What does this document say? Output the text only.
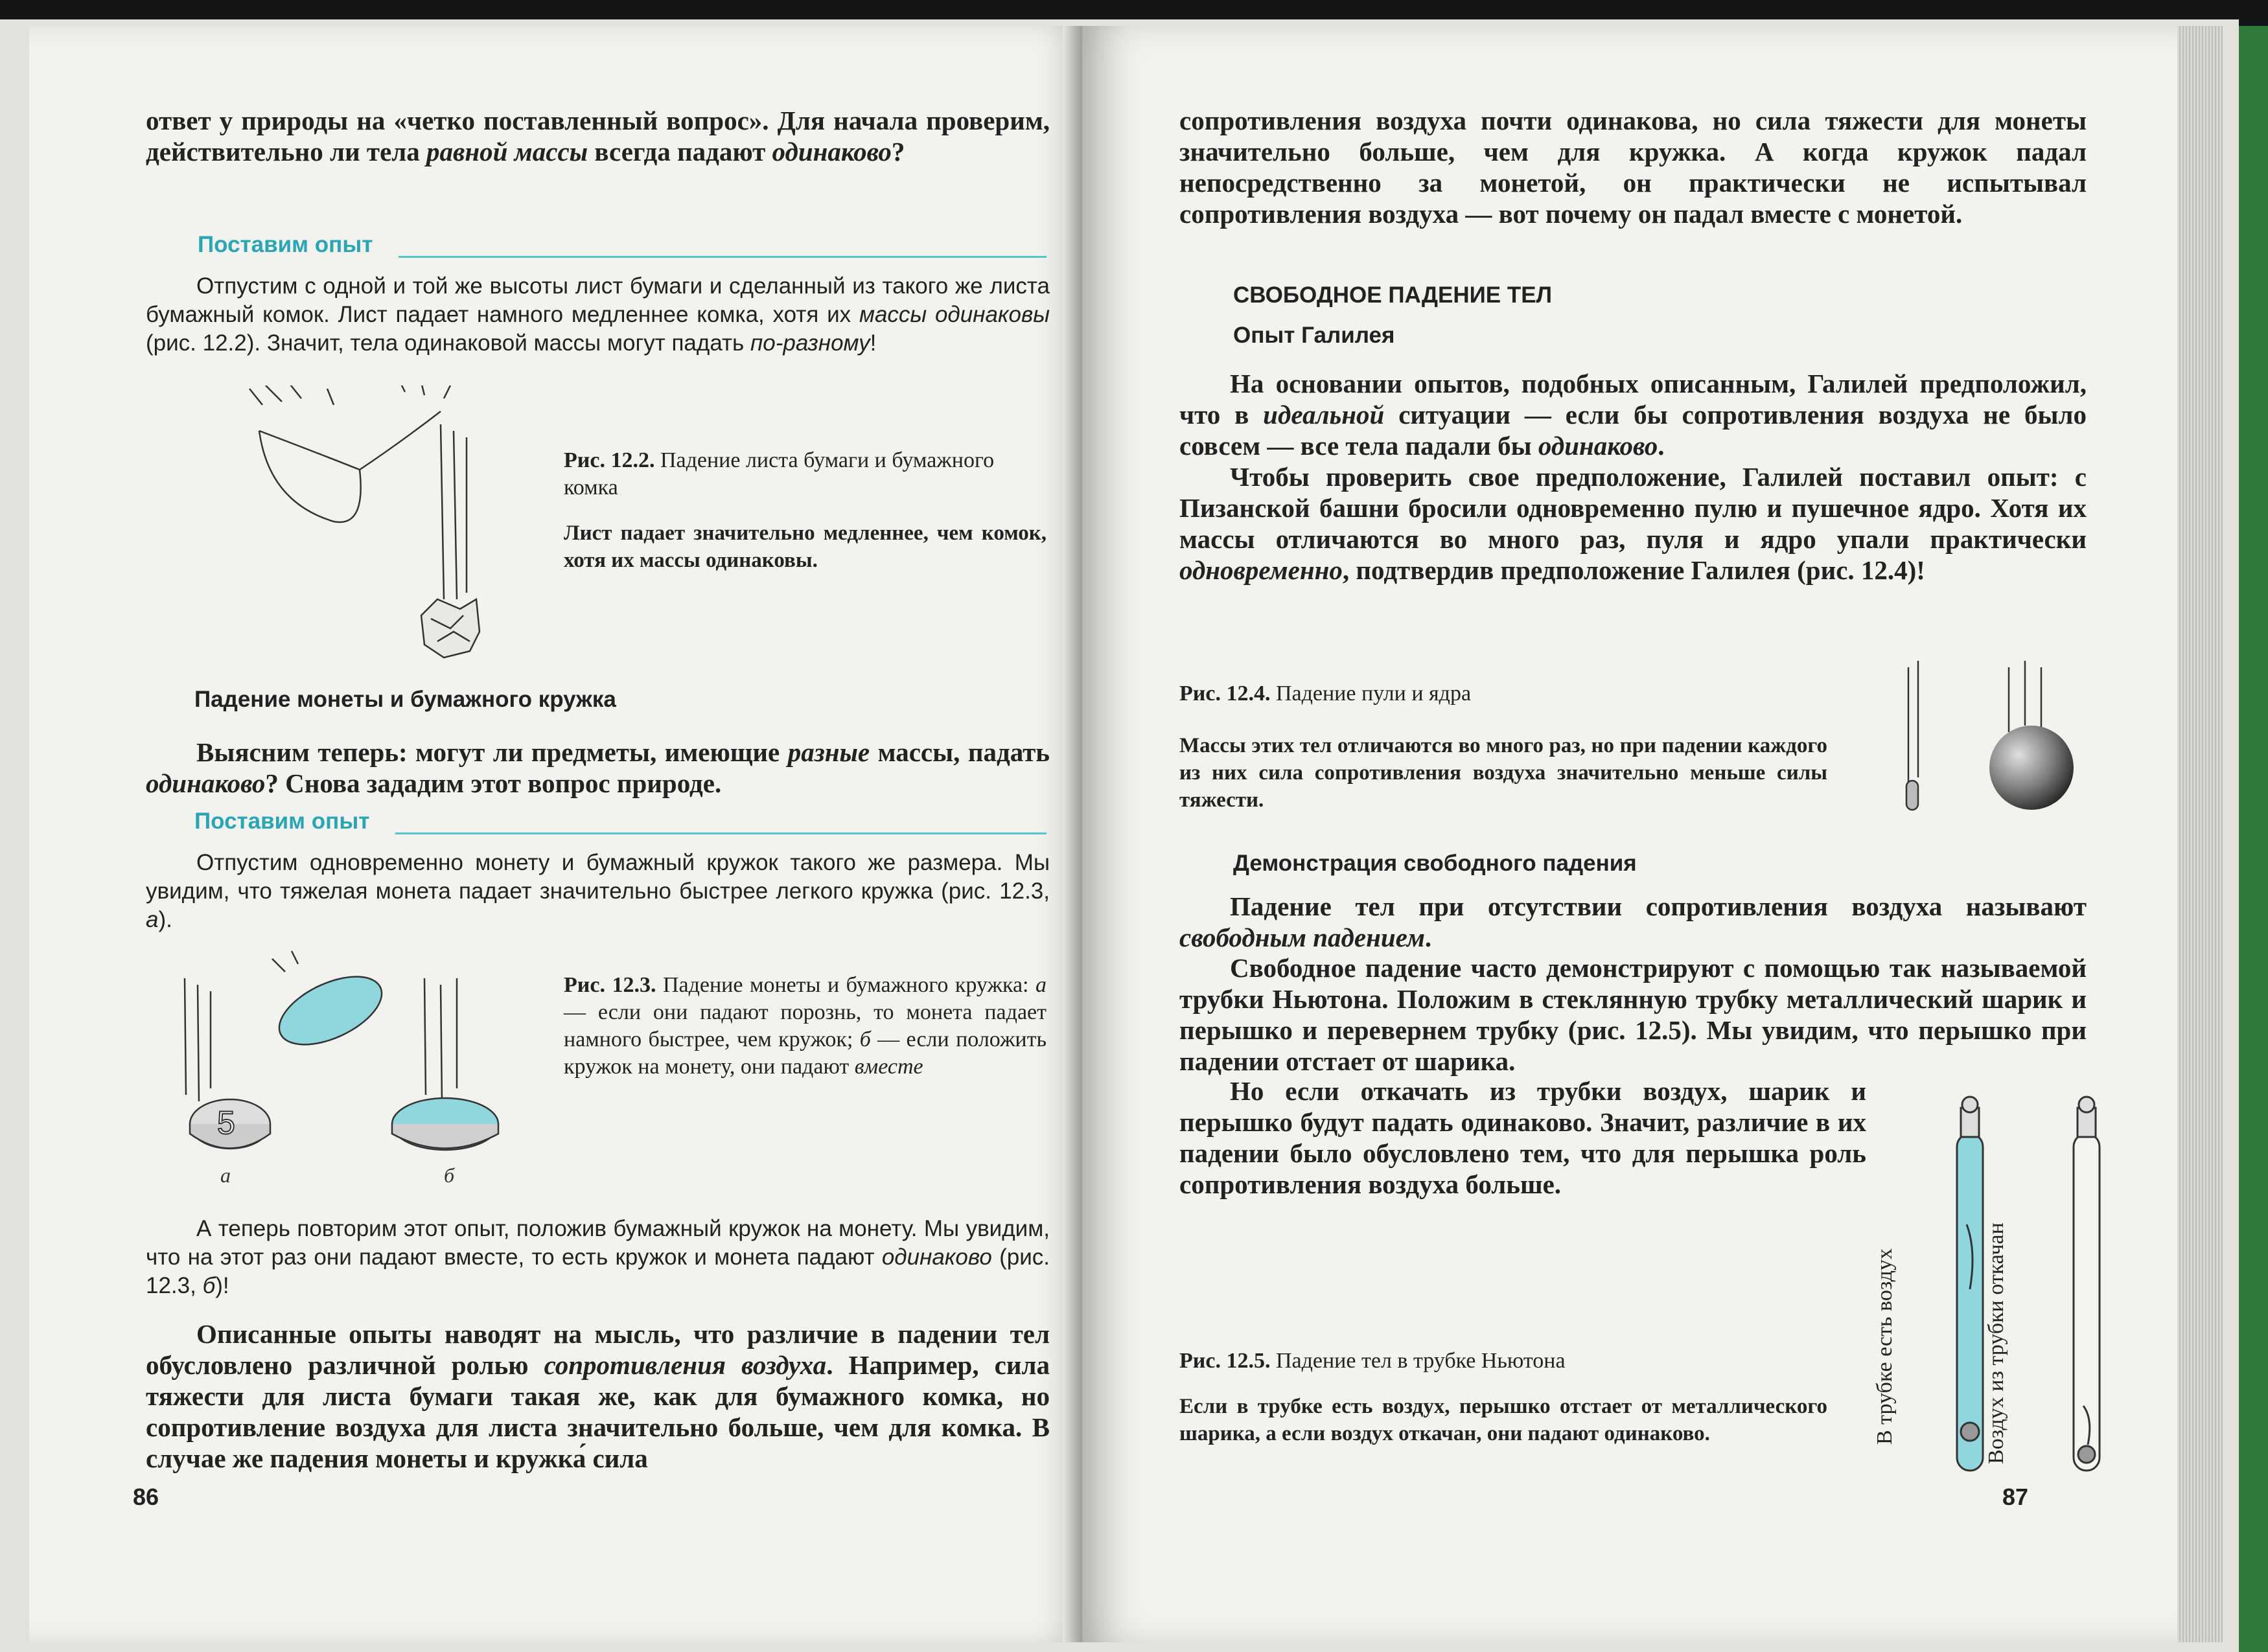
ответ у природы на «четко поставленный вопрос». Для начала проверим, действительно ли тела равной массы всегда падают одинаково?

Поставим опыт

Отпустим с одной и той же высоты лист бумаги и сделанный из такого же листа бумажный комок. Лист падает намного медленнее комка, хотя их массы одинаковы (рис. 12.2). Значит, тела одинаковой массы могут падать по-разному!

Рис. 12.2. Падение листа бумаги и бумажного комка

Лист падает значительно медленнее, чем комок, хотя их массы одинаковы.

Падение монеты и бумажного кружка

Выясним теперь: могут ли предметы, имеющие разные массы, падать одинаково? Снова зададим этот вопрос природе.

Поставим опыт

Отпустим одновременно монету и бумажный кружок такого же размера. Мы увидим, что тяжелая монета падает значительно быстрее легкого кружка (рис. 12.3, а).

5
а	б

Рис. 12.3. Падение монеты и бумажного кружка: а — если они падают порознь, то монета падает намного быстрее, чем кружок; б — если положить кружок на монету, они падают вместе

А теперь повторим этот опыт, положив бумажный кружок на монету. Мы увидим, что на этот раз они падают вместе, то есть кружок и монета падают одинаково (рис. 12.3, б)!

Описанные опыты наводят на мысль, что различие в падении тел обусловлено различной ролью сопротивления воздуха. Например, сила тяжести для листа бумаги такая же, как для бумажного комка, но сопротивление воздуха для листа значительно больше, чем для комка. В случае же падения монеты и кружка́ сила

86

сопротивления воздуха почти одинакова, но сила тяжести для монеты значительно больше, чем для кружка. А когда кружок падал непосредственно за монетой, он практически не испытывал сопротивления воздуха — вот почему он падал вместе с монетой.

СВОБОДНОЕ ПАДЕНИЕ ТЕЛ
Опыт Галилея

На основании опытов, подобных описанным, Галилей предположил, что в идеальной ситуации — если бы сопротивления воздуха не было совсем — все тела падали бы одинаково.

Чтобы проверить свое предположение, Галилей поставил опыт: с Пизанской башни бросили одновременно пулю и пушечное ядро. Хотя их массы отличаются во много раз, пуля и ядро упали практически одновременно, подтвердив предположение Галилея (рис. 12.4)!

Рис. 12.4. Падение пули и ядра

Массы этих тел отличаются во много раз, но при падении каждого из них сила сопротивления воздуха значительно меньше силы тяжести.

Демонстрация свободного падения

Падение тел при отсутствии сопротивления воздуха называют свободным падением.

Свободное падение часто демонстрируют с помощью так называемой трубки Ньютона. Положим в стеклянную трубку металлический шарик и перышко и перевернем трубку (рис. 12.5). Мы увидим, что перышко при падении отстает от шарика.

Но если откачать из трубки воздух, шарик и перышко будут падать одинаково. Значит, различие в их падении было обусловлено тем, что для перышка роль сопротивления воздуха больше.

Рис. 12.5. Падение тел в трубке Ньютона

Если в трубке есть воздух, перышко отстает от металлического шарика, а если воздух откачан, они падают одинаково.	В трубке есть воздух	Воздух из трубки откачан
87
